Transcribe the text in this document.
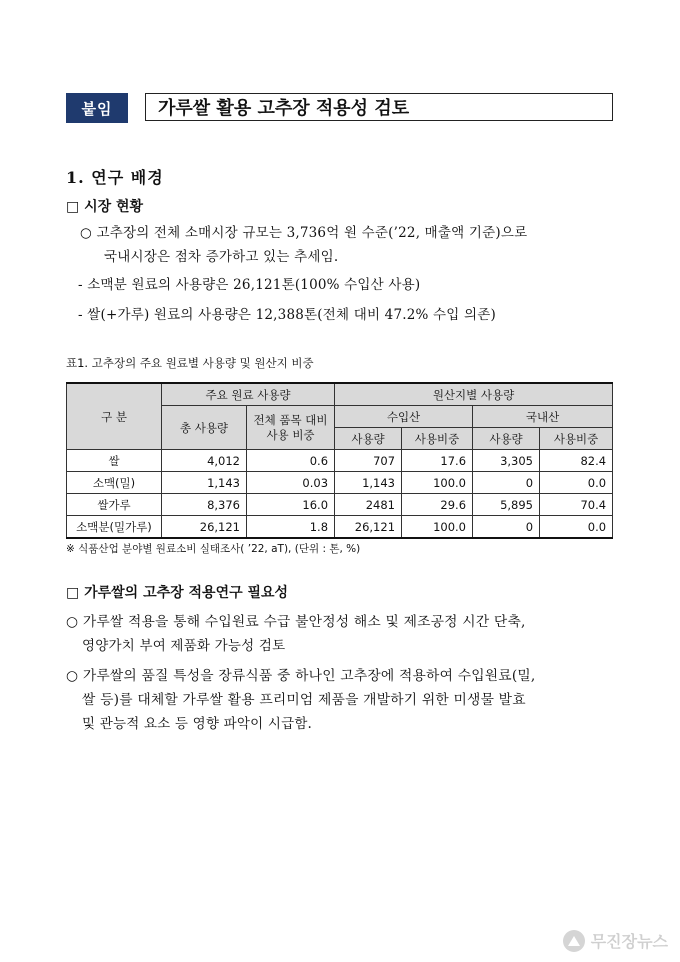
붙임	가루쌀 활용 고추장 적용성 검토
1. 연구 배경
□ 시장 현황
○ 고추장의 전체 소매시장 규모는 3,736억 원 수준(’22, 매출액 기준)으로
국내시장은 점차 증가하고 있는 추세임.
- 소맥분 원료의 사용량은 26,121톤(100% 수입산 사용)
- 쌀(+가루) 원료의 사용량은 12,388톤(전체 대비 47.2% 수입 의존)
표1. 고추장의 주요 원료별 사용량 및 원산지 비중
구 분	주요 원료 사용량		원산지별 사용량			
	총 사용량	전체 품목 대비 사용 비중	수입산		국내산	
			사용량	사용비중	사용량	사용비중
쌀	4,012	0.6	707	17.6	3,305	82.4
소맥(밀)	1,143	0.03	1,143	100.0	0	0.0
쌀가루	8,376	16.0	2481	29.6	5,895	70.4
소맥분(밀가루)	26,121	1.8	26,121	100.0	0	0.0
※ 식품산업 분야별 원료소비 실태조사( ’22, aT), (단위 : 톤, %)
□ 가루쌀의 고추장 적용연구 필요성
○ 가루쌀 적용을 통해 수입원료 수급 불안정성 해소 및 제조공정 시간 단축,
영양가치 부여 제품화 가능성 검토
○ 가루쌀의 품질 특성을 장류식품 중 하나인 고추장에 적용하여 수입원료(밀,
쌀 등)를 대체할 가루쌀 활용 프리미엄 제품을 개발하기 위한 미생물 발효
및 관능적 요소 등 영향 파악이 시급함.
무진장뉴스
